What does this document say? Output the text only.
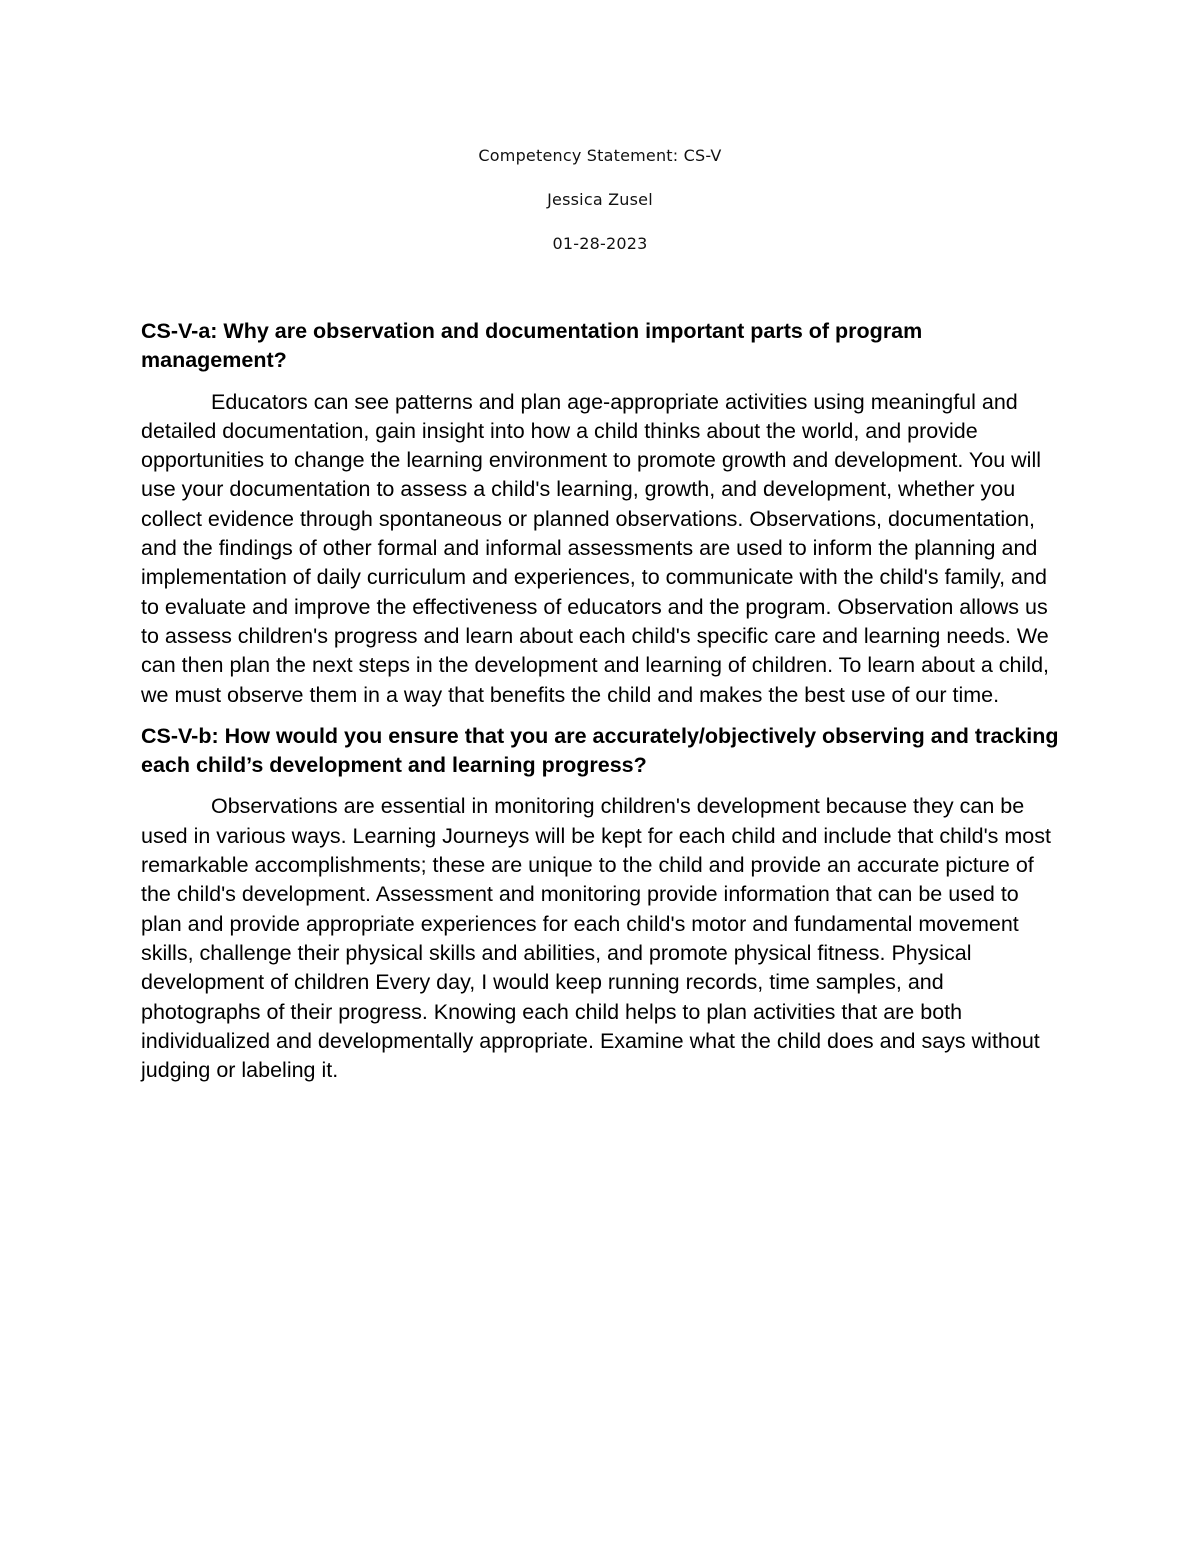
Competency Statement: CS-V
Jessica Zusel
01-28-2023

CS-V-a: Why are observation and documentation important parts of program management?

Educators can see patterns and plan age-appropriate activities using meaningful and detailed documentation, gain insight into how a child thinks about the world, and provide opportunities to change the learning environment to promote growth and development. You will use your documentation to assess a child's learning, growth, and development, whether you collect evidence through spontaneous or planned observations. Observations, documentation, and the findings of other formal and informal assessments are used to inform the planning and implementation of daily curriculum and experiences, to communicate with the child's family, and to evaluate and improve the effectiveness of educators and the program. Observation allows us to assess children's progress and learn about each child's specific care and learning needs. We can then plan the next steps in the development and learning of children. To learn about a child, we must observe them in a way that benefits the child and makes the best use of our time.

CS-V-b: How would you ensure that you are accurately/objectively observing and tracking each child’s development and learning progress?

Observations are essential in monitoring children's development because they can be used in various ways. Learning Journeys will be kept for each child and include that child's most remarkable accomplishments; these are unique to the child and provide an accurate picture of the child's development. Assessment and monitoring provide information that can be used to plan and provide appropriate experiences for each child's motor and fundamental movement skills, challenge their physical skills and abilities, and promote physical fitness. Physical development of children Every day, I would keep running records, time samples, and photographs of their progress. Knowing each child helps to plan activities that are both individualized and developmentally appropriate. Examine what the child does and says without judging or labeling it.
